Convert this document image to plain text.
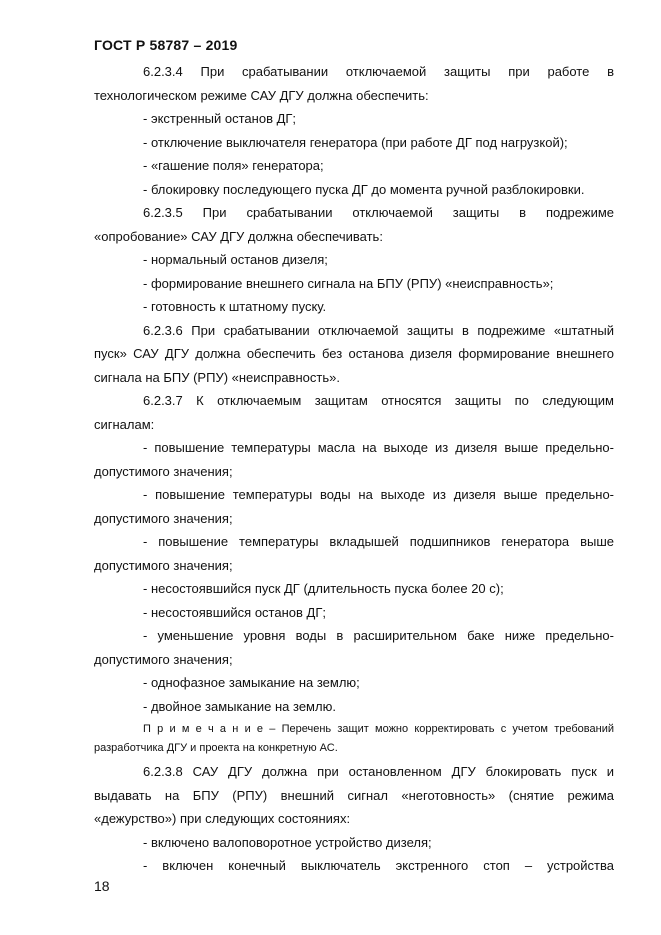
ГОСТ Р 58787 – 2019
6.2.3.4 При срабатывании отключаемой защиты при работе в
технологическом режиме САУ ДГУ должна обеспечить:
- экстренный останов ДГ;
- отключение выключателя генератора (при работе ДГ под нагрузкой);
- «гашение поля» генератора;
- блокировку последующего пуска ДГ до момента ручной разблокировки.
6.2.3.5 При срабатывании отключаемой защиты в подрежиме
«опробование» САУ ДГУ должна обеспечивать:
- нормальный останов дизеля;
- формирование внешнего сигнала на БПУ (РПУ) «неисправность»;
- готовность к штатному пуску.
6.2.3.6 При срабатывании отключаемой защиты в подрежиме «штатный
пуск» САУ ДГУ должна обеспечить без останова дизеля формирование внешнего
сигнала на БПУ (РПУ) «неисправность».
6.2.3.7 К отключаемым защитам относятся защиты по следующим
сигналам:
- повышение температуры масла на выходе из дизеля выше предельно-
допустимого значения;
- повышение температуры воды на выходе из дизеля выше предельно-
допустимого значения;
- повышение температуры вкладышей подшипников генератора выше
допустимого значения;
- несостоявшийся пуск ДГ (длительность пуска более 20 с);
- несостоявшийся останов ДГ;
- уменьшение уровня воды в расширительном баке ниже предельно-
допустимого значения;
- однофазное замыкание на землю;
- двойное замыкание на землю.
П р и м е ч а н и е – Перечень защит можно корректировать с учетом требований
разработчика ДГУ и проекта на конкретную АС.
6.2.3.8 САУ ДГУ должна при остановленном ДГУ блокировать пуск и
выдавать на БПУ (РПУ) внешний сигнал «неготовность» (снятие режима
«дежурство») при следующих состояниях:
- включено валоповоротное устройство дизеля;
- включен конечный выключатель экстренного стоп – устройства
18
